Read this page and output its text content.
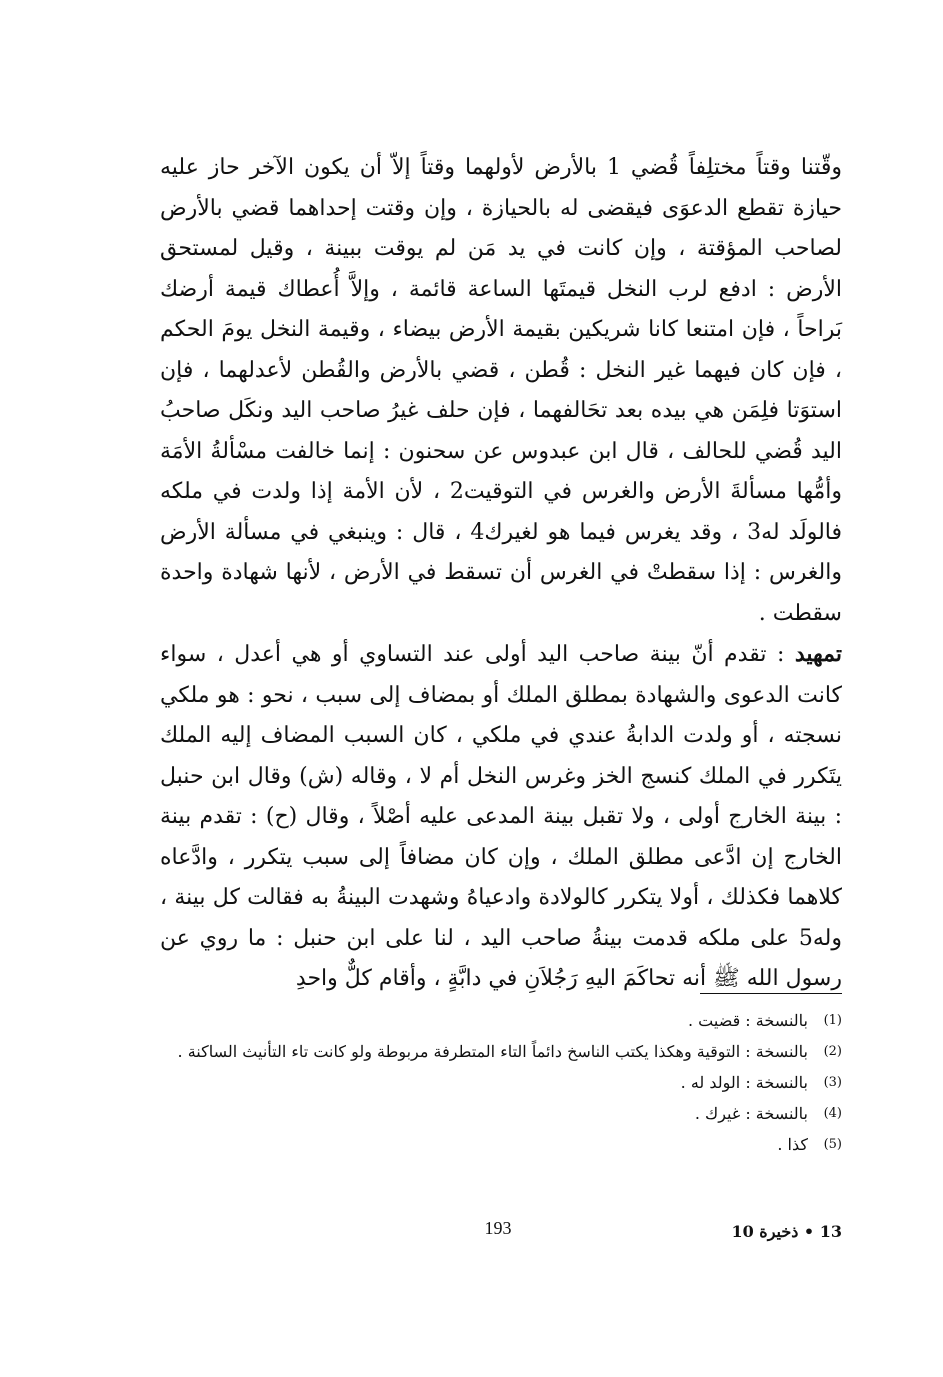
وقّتنا وقتاً مختلِفاً قُضي 1 بالأرض لأولهما وقتاً إلاّ أن يكون الآخر حاز عليه حيازة تقطع الدعوَى فيقضى له بالحيازة ، وإن وقتت إحداهما قضي بالأرض لصاحب المؤقتة ، وإن كانت في يد مَن لم يوقت ببينة ، وقيل لمستحق الأرض : ادفع لرب النخل قيمتَها الساعة قائمة ، وإلاَّ أُعطاك قيمة أرضك بَراحاً ، فإن امتنعا كانا شريكين بقيمة الأرض بيضاء ، وقيمة النخل يومَ الحكم ، فإن كان فيهما غير النخل : قُطن ، قضي بالأرض والقُطن لأعدلهما ، فإن استوَتا فلِمَن هي بيده بعد تحَالفهما ، فإن حلف غيرُ صاحب اليد ونكَل صاحبُ اليد قُضي للحالف ، قال ابن عبدوس عن سحنون : إنما خالفت مسْألةُ الأمَة وأمُّها مسألةَ الأرض والغرس في التوقيت2 ، لأن الأمة إذا ولدت في ملكه فالولَد له3 ، وقد يغرس فيما هو لغيرك4 ، قال : وينبغي في مسألة الأرض والغرس : إذا سقطتْ في الغرس أن تسقط في الأرض ، لأنها شهادة واحدة سقطت .

تمهيد : تقدم أنّ بينة صاحب اليد أولى عند التساوي أو هي أعدل ، سواء كانت الدعوى والشهادة بمطلق الملك أو بمضاف إلى سبب ، نحو : هو ملكي نسجته ، أو ولدت الدابةُ عندي في ملكي ، كان السبب المضاف إليه الملك يتَكرر في الملك كنسج الخز وغرس النخل أم لا ، وقاله (ش) وقال ابن حنبل : بينة الخارج أولى ، ولا تقبل بينة المدعى عليه أصْلاً ، وقال (ح) : تقدم بينة الخارج إن ادَّعى مطلق الملك ، وإن كان مضافاً إلى سبب يتكرر ، وادَّعاه كلاهما فكذلك ، أولا يتكرر كالولادة وادعياهُ وشهدت البينةُ به فقالت كل بينة ، وله5 على ملكه قدمت بينةُ صاحب اليد ، لنا على ابن حنبل : ما روي عن رسول الله ﷺ أنه تحاكَمَ اليهِ رَجُلاَنِ في دابَّةٍ ، وأقام كلٌّ واحدِ

(1)
بالنسخة : قضيت .
(2)
بالنسخة : التوقية وهكذا يكتب الناسخ دائماً التاء المتطرفة مربوطة ولو كانت تاء التأنيث الساكنة .
(3)
بالنسخة : الولد له .
(4)
بالنسخة : غيرك .
(5)
كذا .
193	13 • ذخيرة 10
